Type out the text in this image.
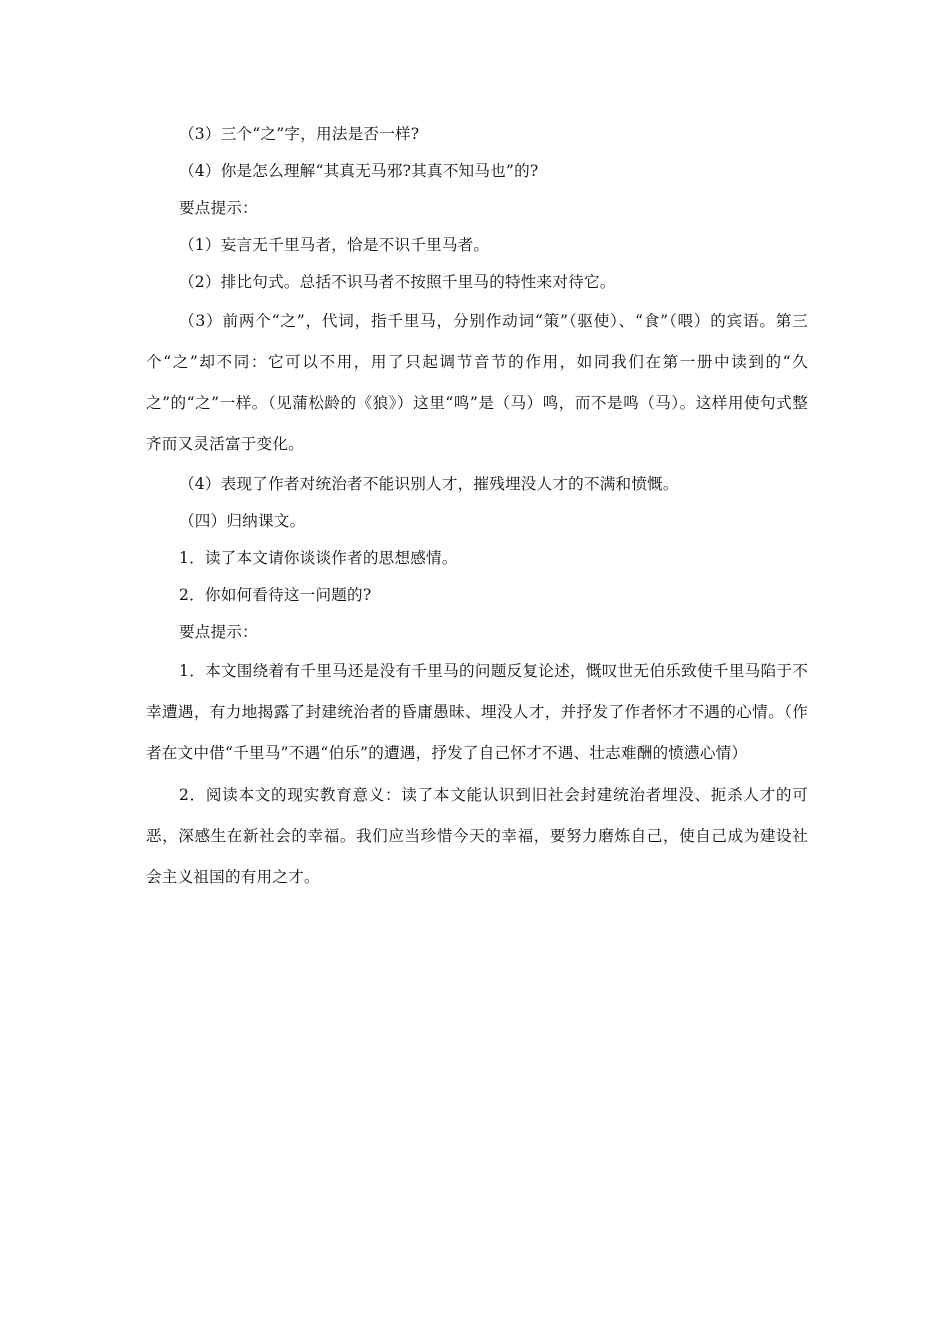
（3）三个“之”字，用法是否一样?

（4）你是怎么理解“其真无马邪?其真不知马也”的?

要点提示：

（1）妄言无千里马者，恰是不识千里马者。

（2）排比句式。总括不识马者不按照千里马的特性来对待它。

（3）前两个“之”，代词，指千里马，分别作动词“策”（驱使）、“食”（喂）的宾语。第三个“之”却不同：它可以不用，用了只起调节音节的作用，如同我们在第一册中读到的“久之”的“之”一样。（见蒲松龄的《狼》）这里“鸣”是（马）鸣，而不是鸣（马）。这样用使句式整齐而又灵活富于变化。

（4）表现了作者对统治者不能识别人才，摧残埋没人才的不满和愤慨。

（四）归纳课文。

1．读了本文请你谈谈作者的思想感情。

2．你如何看待这一问题的?

要点提示：

1．本文围绕着有千里马还是没有千里马的问题反复论述，慨叹世无伯乐致使千里马陷于不幸遭遇，有力地揭露了封建统治者的昏庸愚昧、埋没人才，并抒发了作者怀才不遇的心情。（作者在文中借“千里马”不遇“伯乐”的遭遇，抒发了自己怀才不遇、壮志难酬的愤懑心情）

2．阅读本文的现实教育意义：读了本文能认识到旧社会封建统治者埋没、扼杀人才的可恶，深感生在新社会的幸福。我们应当珍惜今天的幸福，要努力磨炼自己，使自己成为建设社会主义祖国的有用之才。
